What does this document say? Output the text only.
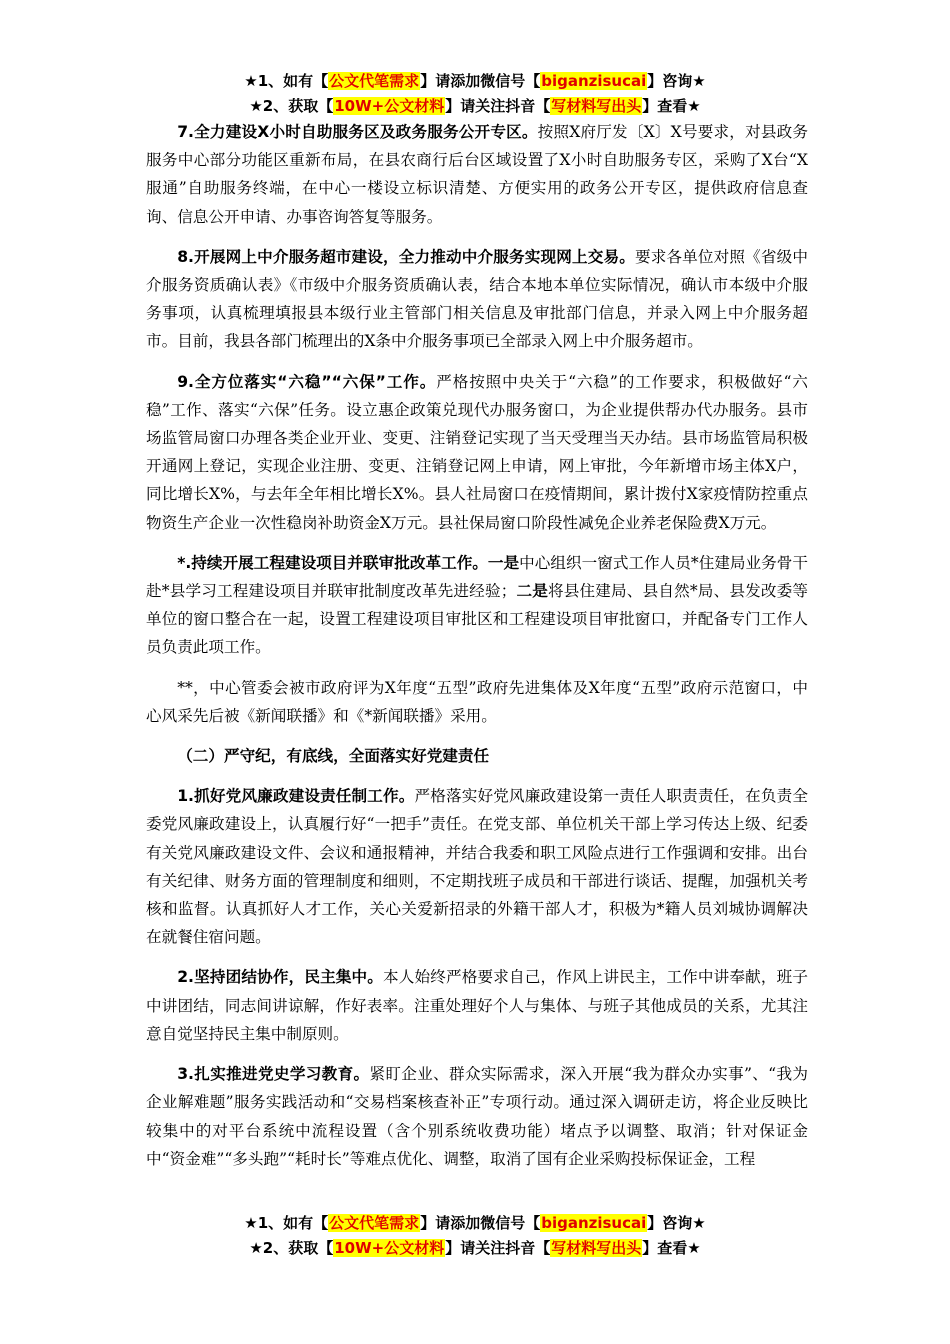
★1、如有【公文代笔需求】请添加微信号【biganzisucai】咨询★
★2、获取【10W+公文材料】请关注抖音【写材料写出头】查看★

7.全力建设X小时自助服务区及政务服务公开专区。按照X府厅发〔X〕X号要求，对县政务服务中心部分功能区重新布局，在县农商行后台区域设置了X小时自助服务专区，采购了X台“X服通”自助服务终端，在中心一楼设立标识清楚、方便实用的政务公开专区，提供政府信息查询、信息公开申请、办事咨询答复等服务。

8.开展网上中介服务超市建设，全力推动中介服务实现网上交易。要求各单位对照《省级中介服务资质确认表》《市级中介服务资质确认表，结合本地本单位实际情况，确认市本级中介服务事项，认真梳理填报县本级行业主管部门相关信息及审批部门信息，并录入网上中介服务超市。目前，我县各部门梳理出的X条中介服务事项已全部录入网上中介服务超市。

9.全方位落实“六稳”“六保”工作。严格按照中央关于“六稳”的工作要求，积极做好“六稳”工作、落实“六保”任务。设立惠企政策兑现代办服务窗口，为企业提供帮办代办服务。县市场监管局窗口办理各类企业开业、变更、注销登记实现了当天受理当天办结。县市场监管局积极开通网上登记，实现企业注册、变更、注销登记网上申请，网上审批，今年新增市场主体X户，同比增长X%，与去年全年相比增长X%。县人社局窗口在疫情期间，累计拨付X家疫情防控重点物资生产企业一次性稳岗补助资金X万元。县社保局窗口阶段性减免企业养老保险费X万元。

*.持续开展工程建设项目并联审批改革工作。一是中心组织一窗式工作人员*住建局业务骨干赴*县学习工程建设项目并联审批制度改革先进经验；二是将县住建局、县自然*局、县发改委等单位的窗口整合在一起，设置工程建设项目审批区和工程建设项目审批窗口，并配备专门工作人员负责此项工作。

**，中心管委会被市政府评为X年度“五型”政府先进集体及X年度“五型”政府示范窗口，中心风采先后被《新闻联播》和《*新闻联播》采用。

（二）严守纪，有底线，全面落实好党建责任

1.抓好党风廉政建设责任制工作。严格落实好党风廉政建设第一责任人职责责任，在负责全委党风廉政建设上，认真履行好“一把手”责任。在党支部、单位机关干部上学习传达上级、纪委有关党风廉政建设文件、会议和通报精神，并结合我委和职工风险点进行工作强调和安排。出台有关纪律、财务方面的管理制度和细则，不定期找班子成员和干部进行谈话、提醒，加强机关考核和监督。认真抓好人才工作，关心关爱新招录的外籍干部人才，积极为*籍人员刘城协调解决在就餐住宿问题。

2.坚持团结协作，民主集中。本人始终严格要求自己，作风上讲民主，工作中讲奉献，班子中讲团结，同志间讲谅解，作好表率。注重处理好个人与集体、与班子其他成员的关系，尤其注意自觉坚持民主集中制原则。

3.扎实推进党史学习教育。紧盯企业、群众实际需求，深入开展“我为群众办实事”、“我为企业解难题”服务实践活动和“交易档案核查补正”专项行动。通过深入调研走访，将企业反映比较集中的对平台系统中流程设置（含个别系统收费功能）堵点予以调整、取消；针对保证金中“资金难”“多头跑”“耗时长”等难点优化、调整，取消了国有企业采购投标保证金，工程

★1、如有【公文代笔需求】请添加微信号【biganzisucai】咨询★
★2、获取【10W+公文材料】请关注抖音【写材料写出头】查看★
